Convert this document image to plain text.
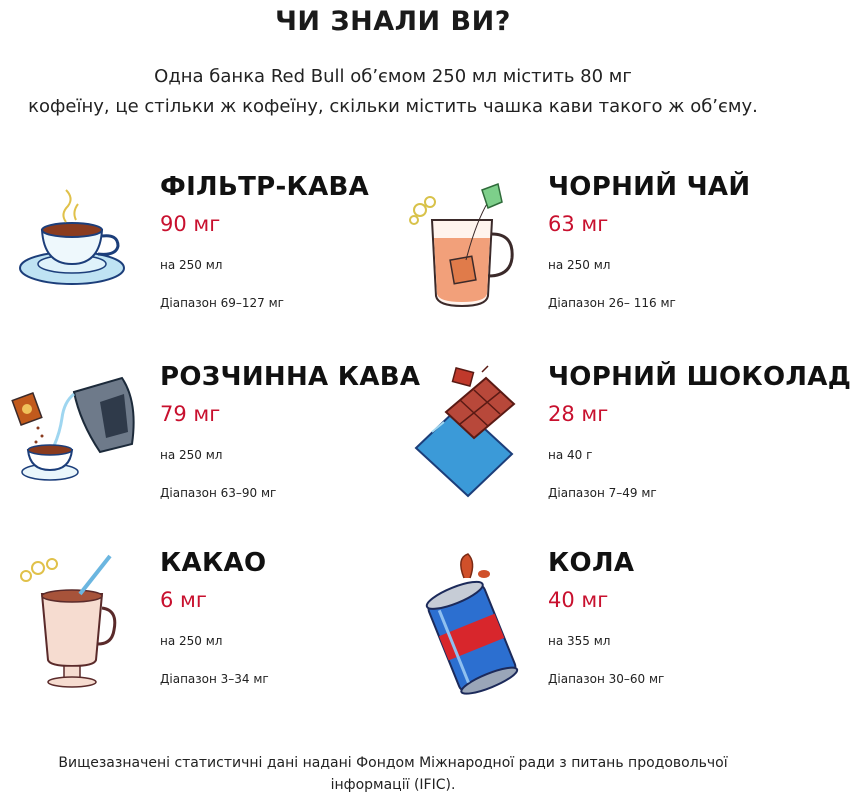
ЧИ ЗНАЛИ ВИ?
Одна банка Red Bull об’ємом 250 мл містить 80 мг
кофеїну, це стільки ж кофеїну, скільки містить чашка кави такого ж об’єму.
ФІЛЬТР-КАВА
90 мг
на 250 мл
Діапазон 69–127 мг
ЧОРНИЙ ЧАЙ
63 мг
на 250 мл
Діапазон 26– 116 мг
РОЗЧИННА КАВА
79 мг
на 250 мл
Діапазон 63–90 мг
ЧОРНИЙ ШОКОЛАД
28 мг
на 40 г
Діапазон 7–49 мг
КАКАО
6 мг
на 250 мл
Діапазон 3–34 мг
КОЛА
40 мг
на 355 мл
Діапазон 30–60 мг
Вищезазначені статистичні дані надані Фондом Міжнародної ради з питань продовольчої
інформації (IFIC).
